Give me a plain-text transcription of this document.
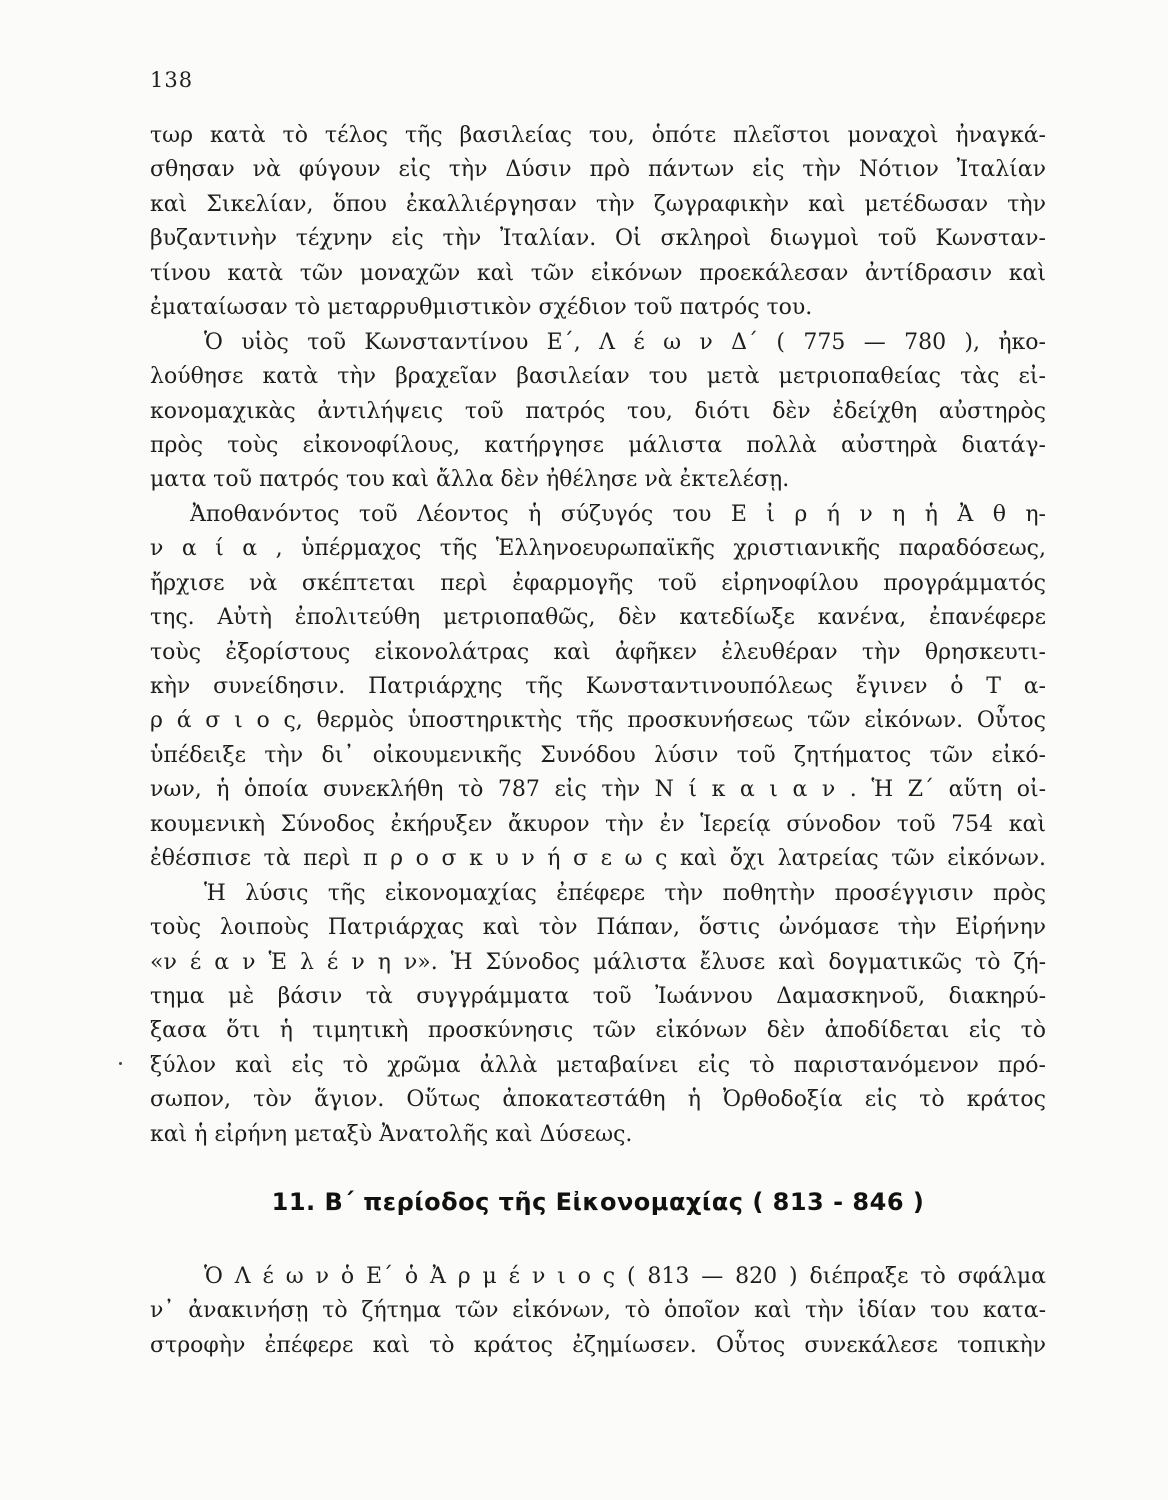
138
τωρ κατὰ τὸ τέλος τῆς βασιλείας του, ὁπότε πλεῖστοι μοναχοὶ ἠναγκά-
σθησαν νὰ φύγουν εἰς τὴν Δύσιν πρὸ πάντων εἰς τὴν Νότιον Ἰταλίαν
καὶ Σικελίαν, ὅπου ἐκαλλιέργησαν τὴν ζωγραφικὴν καὶ μετέδωσαν τὴν
βυζαντινὴν τέχνην εἰς τὴν Ἰταλίαν. Οἱ σκληροὶ διωγμοὶ τοῦ Κωνσταν-
τίνου κατὰ τῶν μοναχῶν καὶ τῶν εἰκόνων προεκάλεσαν ἀντίδρασιν καὶ
ἐματαίωσαν τὸ μεταρρυθμιστικὸν σχέδιον τοῦ πατρός του.
Ὁ υἱὸς τοῦ Κωνσταντίνου Ε΄, Λ έ ω ν Δ΄ ( 775 — 780 ), ἠκο-
λούθησε κατὰ τὴν βραχεῖαν βασιλείαν του μετὰ μετριοπαθείας τὰς εἰ-
κονομαχικὰς ἀντιλήψεις τοῦ πατρός του, διότι δὲν ἐδείχθη αὐστηρὸς
πρὸς τοὺς εἰκονοφίλους, κατήργησε μάλιστα πολλὰ αὐστηρὰ διατάγ-
ματα τοῦ πατρός του καὶ ἄλλα δὲν ἠθέλησε νὰ ἐκτελέσῃ.
Ἀποθανόντος τοῦ Λέοντος ἡ σύζυγός του Ε ἰ ρ ή ν η ἡ Ἀ θ η-
ν α ί α , ὑπέρμαχος τῆς Ἑλληνοευρωπαϊκῆς χριστιανικῆς παραδόσεως,
ἤρχισε νὰ σκέπτεται περὶ ἐφαρμογῆς τοῦ εἰρηνοφίλου προγράμματός
της. Αὐτὴ ἐπολιτεύθη μετριοπαθῶς, δὲν κατεδίωξε κανένα, ἐπανέφερε
τοὺς ἐξορίστους εἰκονολάτρας καὶ ἀφῆκεν ἐλευθέραν τὴν θρησκευτι-
κὴν συνείδησιν. Πατριάρχης τῆς Κωνσταντινουπόλεως ἔγινεν ὁ Τ α-
ρ ά σ ι ο ς, θερμὸς ὑποστηρικτὴς τῆς προσκυνήσεως τῶν εἰκόνων. Οὗτος
ὑπέδειξε τὴν δι᾽ οἰκουμενικῆς Συνόδου λύσιν τοῦ ζητήματος τῶν εἰκό-
νων, ἡ ὁποία συνεκλήθη τὸ 787 εἰς τὴν Ν ί κ α ι α ν . Ἡ Ζ΄ αὕτη οἰ-
κουμενικὴ Σύνοδος ἐκήρυξεν ἄκυρον τὴν ἐν Ἱερείᾳ σύνοδον τοῦ 754 καὶ
ἐθέσπισε τὰ περὶ π ρ ο σ κ υ ν ή σ ε ω ς καὶ ὄχι λατρείας τῶν εἰκόνων.
Ἡ λύσις τῆς εἰκονομαχίας ἐπέφερε τὴν ποθητὴν προσέγγισιν πρὸς
τοὺς λοιποὺς Πατριάρχας καὶ τὸν Πάπαν, ὅστις ὠνόμασε τὴν Εἰρήνην
«ν έ α ν Ἑ λ έ ν η ν». Ἡ Σύνοδος μάλιστα ἔλυσε καὶ δογματικῶς τὸ ζή-
τημα μὲ βάσιν τὰ συγγράμματα τοῦ Ἰωάννου Δαμασκηνοῦ, διακηρύ-
ξασα ὅτι ἡ τιμητικὴ προσκύνησις τῶν εἰκόνων δὲν ἀποδίδεται εἰς τὸ
ξύλον καὶ εἰς τὸ χρῶμα ἀλλὰ μεταβαίνει εἰς τὸ παριστανόμενον πρό-
σωπον, τὸν ἅγιον. Οὕτως ἀποκατεστάθη ἡ Ὀρθοδοξία εἰς τὸ κράτος
καὶ ἡ εἰρήνη μεταξὺ Ἀνατολῆς καὶ Δύσεως.
11. Β΄ περίοδος τῆς Εἰκονομαχίας ( 813 - 846 )
Ὁ Λ έ ω ν ὁ Ε΄ ὁ Ἀ ρ μ έ ν ι ο ς ( 813 — 820 ) διέπραξε τὸ σφάλμα
ν᾽ ἀνακινήσῃ τὸ ζήτημα τῶν εἰκόνων, τὸ ὁποῖον καὶ τὴν ἰδίαν του κατα-
στροφὴν ἐπέφερε καὶ τὸ κράτος ἐζημίωσεν. Οὗτος συνεκάλεσε τοπικὴν
